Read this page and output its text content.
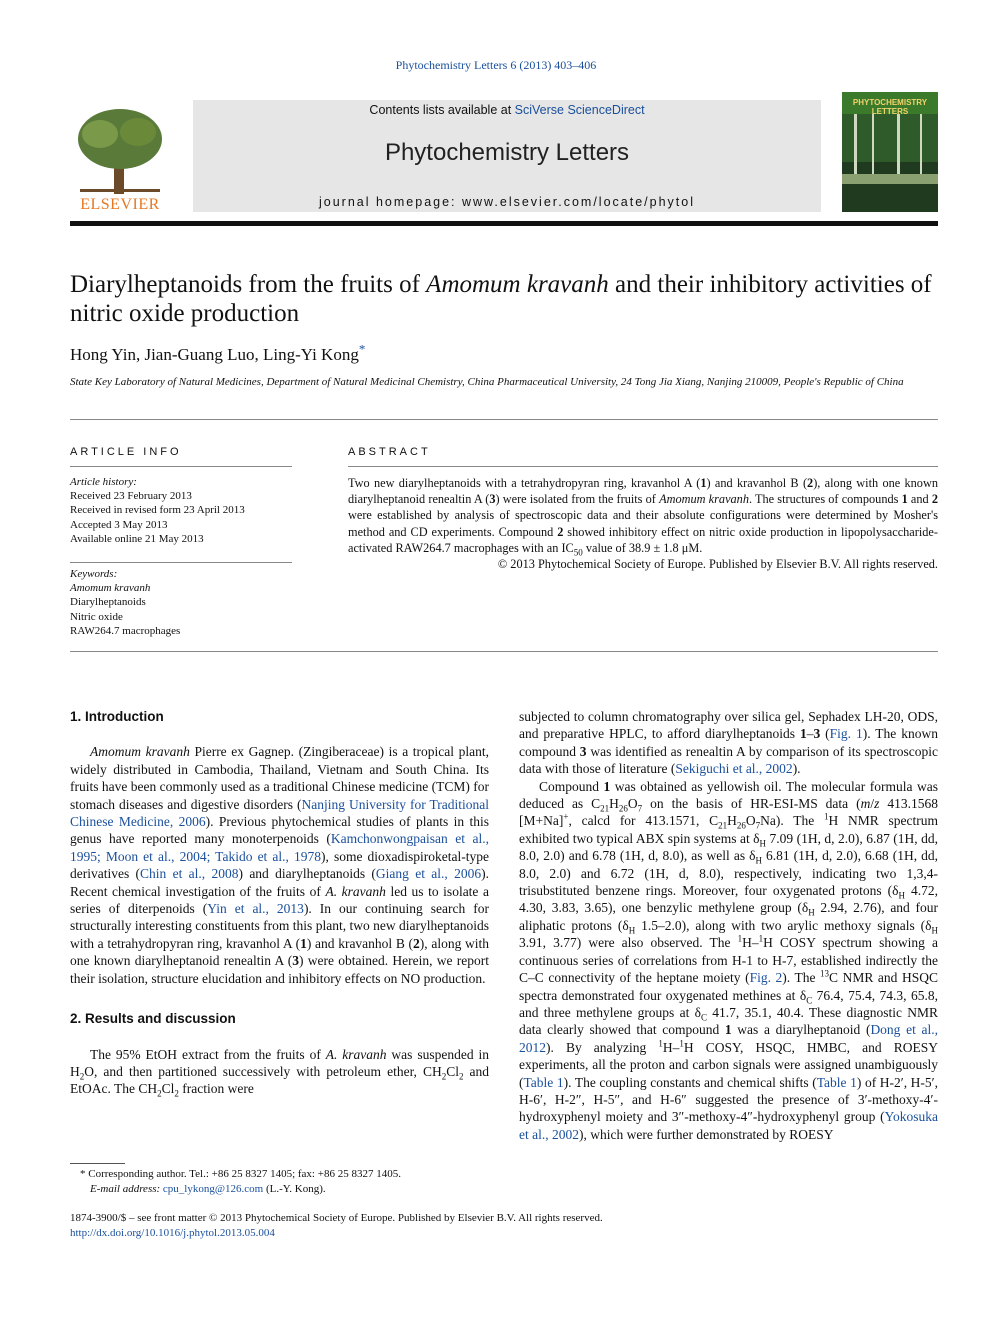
Phytochemistry Letters 6 (2013) 403–406
ELSEVIER
Contents lists available at SciVerse ScienceDirect
Phytochemistry Letters
journal homepage: www.elsevier.com/locate/phytol
PHYTOCHEMISTRY LETTERS
Diarylheptanoids from the fruits of Amomum kravanh and their inhibitory activities of nitric oxide production
Hong Yin, Jian-Guang Luo, Ling-Yi Kong*
State Key Laboratory of Natural Medicines, Department of Natural Medicinal Chemistry, China Pharmaceutical University, 24 Tong Jia Xiang, Nanjing 210009, People's Republic of China
ARTICLE INFO
Article history:
Received 23 February 2013
Received in revised form 23 April 2013
Accepted 3 May 2013
Available online 21 May 2013
Keywords:
Amomum kravanh
Diarylheptanoids
Nitric oxide
RAW264.7 macrophages
ABSTRACT
Two new diarylheptanoids with a tetrahydropyran ring, kravanhol A (1) and kravanhol B (2), along with one known diarylheptanoid renealtin A (3) were isolated from the fruits of Amomum kravanh. The structures of compounds 1 and 2 were established by analysis of spectroscopic data and their absolute configurations were determined by Mosher's method and CD experiments. Compound 2 showed inhibitory effect on nitric oxide production in lipopolysaccharide-activated RAW264.7 macrophages with an $IC_{50}$ value of 38.9 ± 1.8 μM.
© 2013 Phytochemical Society of Europe. Published by Elsevier B.V. All rights reserved.
1. Introduction

Amomum kravanh Pierre ex Gagnep. (Zingiberaceae) is a tropical plant, widely distributed in Cambodia, Thailand, Vietnam and South China. Its fruits have been commonly used as a traditional Chinese medicine (TCM) for stomach diseases and digestive disorders (Nanjing University for Traditional Chinese Medicine, 2006). Previous phytochemical studies of plants in this genus have reported many monoterpenoids (Kamchonwongpaisan et al., 1995; Moon et al., 2004; Takido et al., 1978), some dioxadispiroketal-type derivatives (Chin et al., 2008) and diarylheptanoids (Giang et al., 2006). Recent chemical investigation of the fruits of A. kravanh led us to isolate a series of diterpenoids (Yin et al., 2013). In our continuing search for structurally interesting constituents from this plant, two new diarylheptanoids with a tetrahydropyran ring, kravanhol A (1) and kravanhol B (2), along with one known diarylheptanoid renealtin A (3) were obtained. Herein, we report their isolation, structure elucidation and inhibitory effects on NO production.

2. Results and discussion

The 95% EtOH extract from the fruits of A. kravanh was suspended in $H_2O$, and then partitioned successively with petroleum ether, $CH_2Cl_2$ and EtOAc. The $CH_2Cl_2$ fraction were

subjected to column chromatography over silica gel, Sephadex LH-20, ODS, and preparative HPLC, to afford diarylheptanoids 1–3 (Fig. 1). The known compound 3 was identified as renealtin A by comparison of its spectroscopic data with those of literature (Sekiguchi et al., 2002).

Compound 1 was obtained as yellowish oil. The molecular formula was deduced as $C_{21}H_{26}O_7$ on the basis of HR-ESI-MS data (m/z 413.1568 [M+Na]+, calcd for 413.1571, $C_{21}H_{26}O_7Na$). The $^1$H NMR spectrum exhibited two typical ABX spin systems at $\delta_H$ 7.09 (1H, d, 2.0), 6.87 (1H, dd, 8.0, 2.0) and 6.78 (1H, d, 8.0), as well as $\delta_H$ 6.81 (1H, d, 2.0), 6.68 (1H, dd, 8.0, 2.0) and 6.72 (1H, d, 8.0), respectively, indicating two 1,3,4-trisubstituted benzene rings. Moreover, four oxygenated protons ($\delta_H$ 4.72, 4.30, 3.83, 3.65), one benzylic methylene group ($\delta_H$ 2.94, 2.76), and four aliphatic protons ($\delta_H$ 1.5–2.0), along with two arylic methoxy signals ($\delta_H$ 3.91, 3.77) were also observed. The $^1$H–$^1$H COSY spectrum showing a continuous series of correlations from H-1 to H-7, established indirectly the C–C connectivity of the heptane moiety (Fig. 2). The $^{13}$C NMR and HSQC spectra demonstrated four oxygenated methines at $\delta_C$ 76.4, 75.4, 74.3, 65.8, and three methylene groups at $\delta_C$ 41.7, 35.1, 40.4. These diagnostic NMR data clearly showed that compound 1 was a diarylheptanoid (Dong et al., 2012). By analyzing $^1$H–$^1$H COSY, HSQC, HMBC, and ROESY experiments, all the proton and carbon signals were assigned unambiguously (Table 1). The coupling constants and chemical shifts (Table 1) of H-2′, H-5′, H-6′, H-2″, H-5″, and H-6″ suggested the presence of 3′-methoxy-4′-hydroxyphenyl moiety and 3″-methoxy-4″-hydroxyphenyl group (Yokosuka et al., 2002), which were further demonstrated by ROESY

* Corresponding author. Tel.: +86 25 8327 1405; fax: +86 25 8327 1405.
E-mail address: cpu_lykong@126.com (L.-Y. Kong).
1874-3900/$ – see front matter © 2013 Phytochemical Society of Europe. Published by Elsevier B.V. All rights reserved.
http://dx.doi.org/10.1016/j.phytol.2013.05.004
